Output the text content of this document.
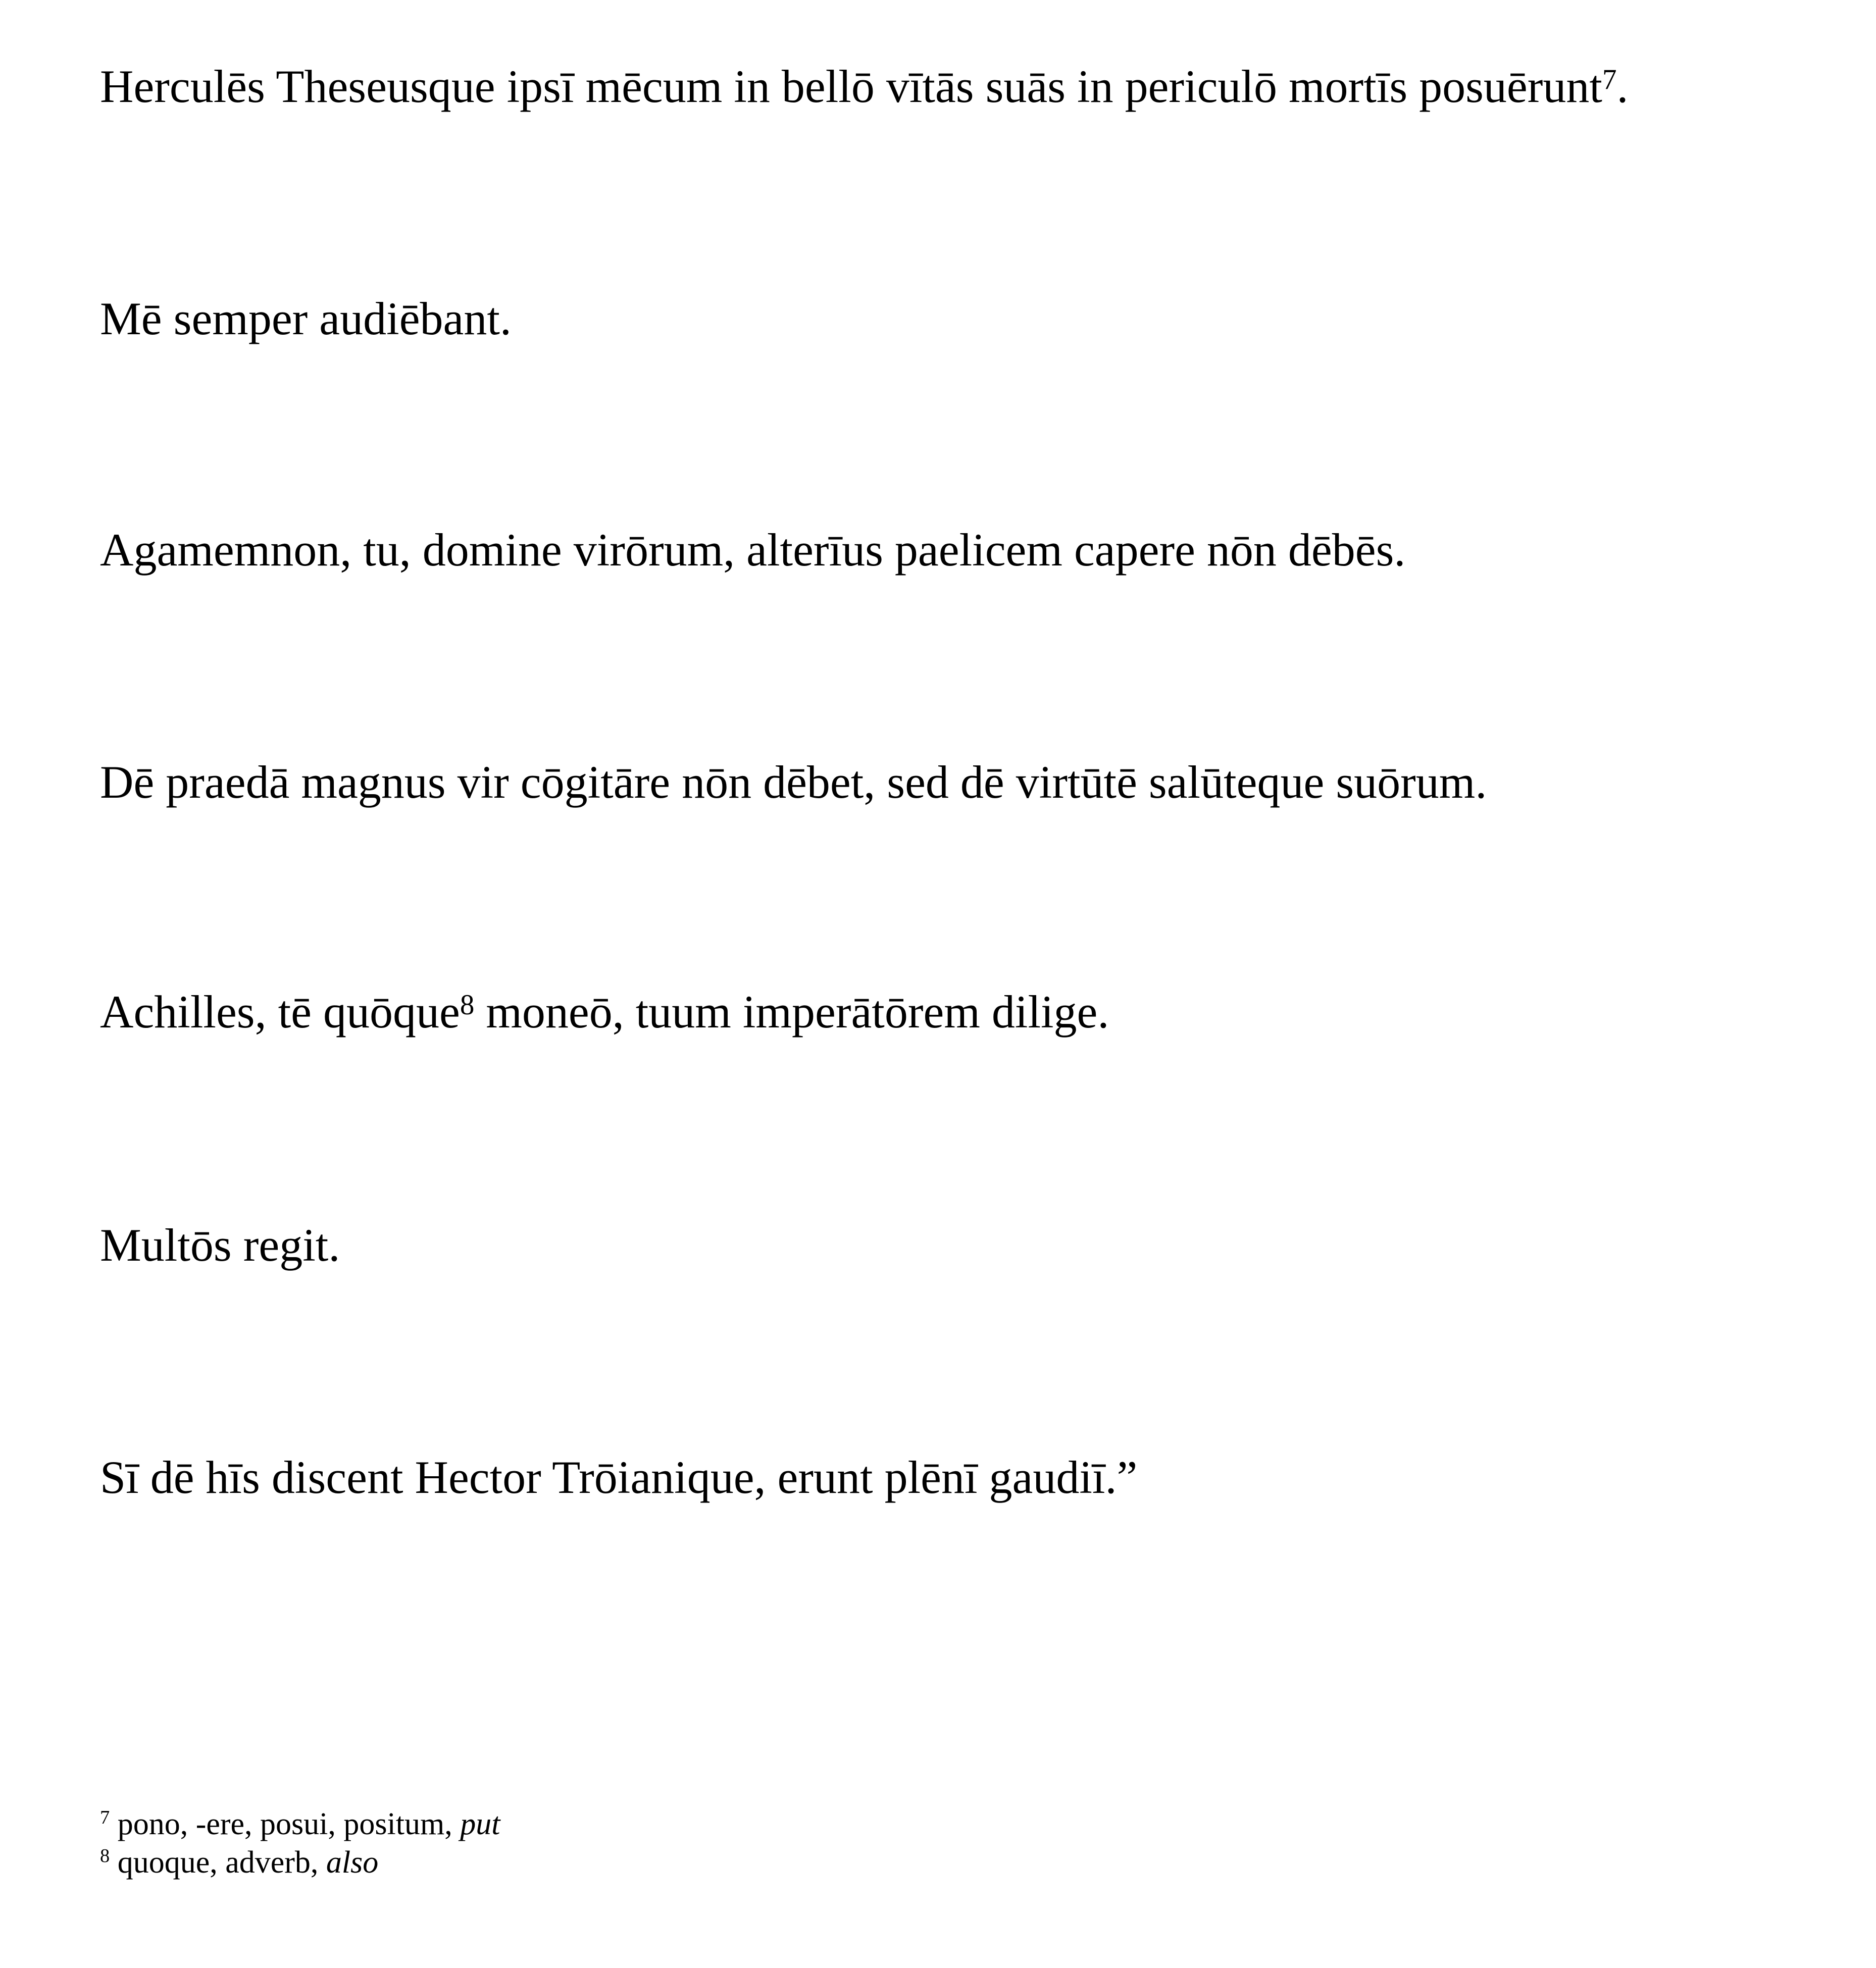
Herculēs Theseusque ipsī mēcum in bellō vītās suās in periculō mortīs posuērunt$^7$.

Mē semper audiēbant.

Agamemnon, tu, domine virōrum, alterīus paelicem capere nōn dēbēs.

Dē praedā magnus vir cōgitāre nōn dēbet, sed dē virtūtē salūteque suōrum.

Achilles, tē quōque$^8$ moneō, tuum imperātōrem dilige.

Multōs regit.

Sī dē hīs discent Hector Trōianique, erunt plēnī gaudiī.”

$^7$ pono, -ere, posui, positum, put

$^8$ quoque, adverb, also
